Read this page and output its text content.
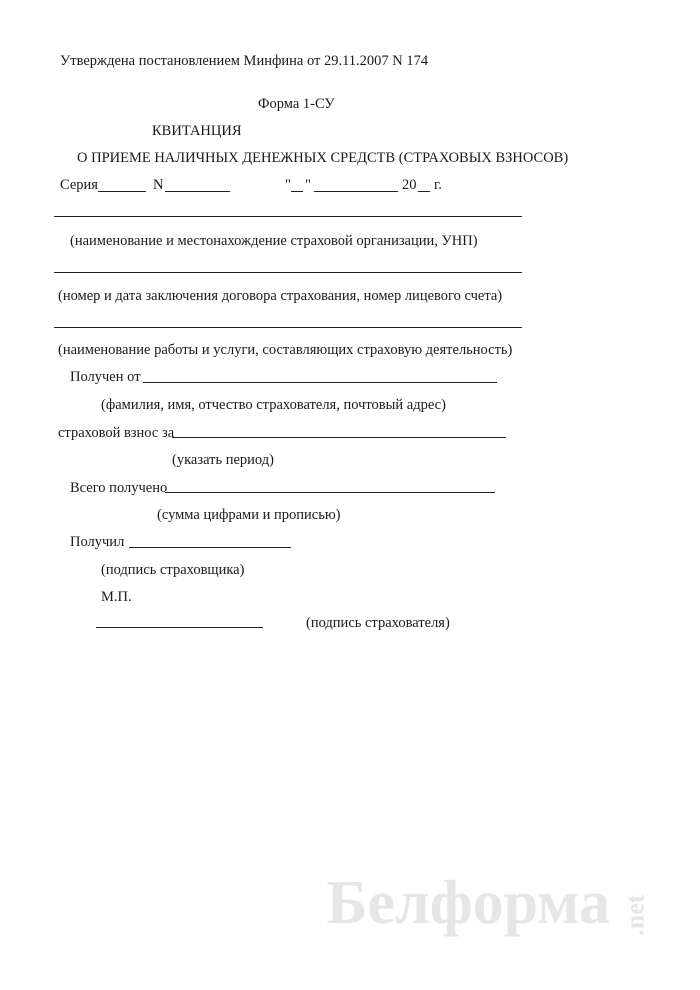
Утверждена постановлением Минфина от 29.11.2007 N 174
Форма 1-СУ
КВИТАНЦИЯ
О ПРИЕМЕ НАЛИЧНЫХ ДЕНЕЖНЫХ СРЕДСТВ (СТРАХОВЫХ ВЗНОСОВ)
Серия	N	" "	20 г.
(наименование и местонахождение страховой организации, УНП)
(номер и дата заключения договора страхования, номер лицевого счета)
(наименование работы и услуги, составляющих страховую деятельность)
Получен от
(фамилия, имя, отчество страхователя, почтовый адрес)
страховой взнос за
(указать период)
Всего получено
(сумма цифрами и прописью)
Получил
(подпись страховщика)
М.П.
(подпись страхователя)
Белформа .net
